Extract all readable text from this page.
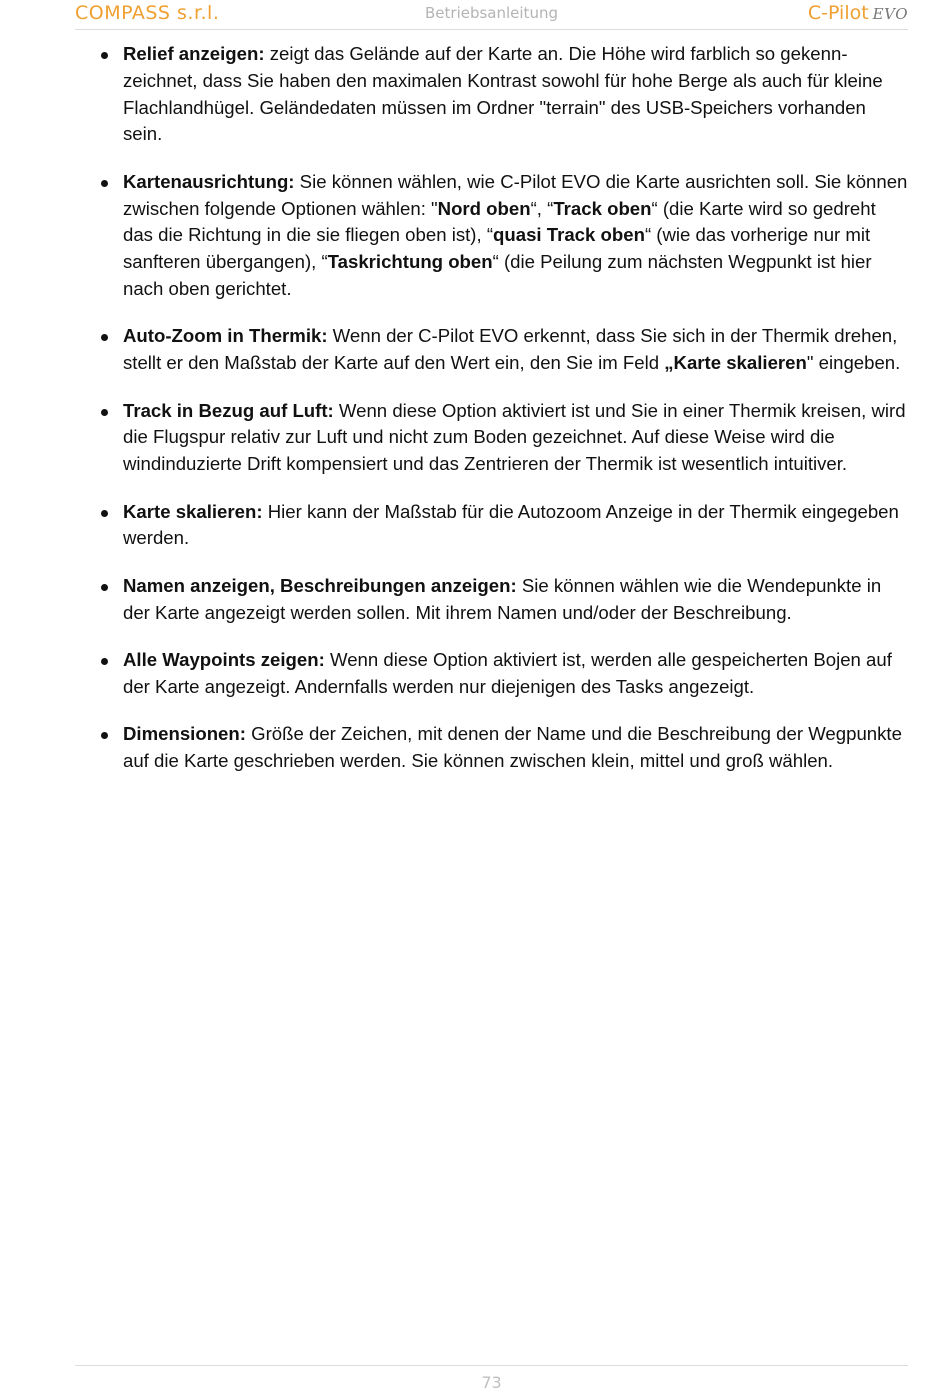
COMPASS s.r.l.	Betriebsanleitung	C-Pilot EVO
Relief anzeigen: zeigt das Gelände auf der Karte an. Die Höhe wird farblich so gekennzeichnet, dass Sie haben den maximalen Kontrast sowohl für hohe Berge als auch für kleine Flachlandhügel. Geländedaten müssen im Ordner "terrain" des USB-Speichers vorhanden sein.
Kartenausrichtung: Sie können wählen, wie C-Pilot EVO die Karte ausrichten soll. Sie können zwischen folgende Optionen wählen: "Nord oben“, “Track oben“ (die Karte wird so gedreht das die Richtung in die sie fliegen oben ist), “quasi Track oben“ (wie das vorherige nur mit sanfteren übergangen), “Taskrichtung oben“ (die Peilung zum nächsten Wegpunkt ist hier nach oben gerichtet.
Auto-Zoom in Thermik: Wenn der C-Pilot EVO erkennt, dass Sie sich in der Thermik drehen, stellt er den Maßstab der Karte auf den Wert ein, den Sie im Feld „Karte skalieren" eingeben.
Track in Bezug auf Luft: Wenn diese Option aktiviert ist und Sie in einer Thermik kreisen, wird die Flugspur relativ zur Luft und nicht zum Boden gezeichnet. Auf diese Weise wird die windinduzierte Drift kompensiert und das Zentrieren der Thermik ist wesentlich intuitiver.
Karte skalieren: Hier kann der Maßstab für die Autozoom Anzeige in der Thermik eingegeben werden.
Namen anzeigen, Beschreibungen anzeigen: Sie können wählen wie die Wendepunkte in der Karte angezeigt werden sollen. Mit ihrem Namen und/oder der Beschreibung.
Alle Waypoints zeigen: Wenn diese Option aktiviert ist, werden alle gespeicherten Bojen auf der Karte angezeigt. Andernfalls werden nur diejenigen des Tasks angezeigt.
Dimensionen: Größe der Zeichen, mit denen der Name und die Beschreibung der Wegpunkte auf die Karte geschrieben werden. Sie können zwischen klein, mittel und groß wählen.
73
